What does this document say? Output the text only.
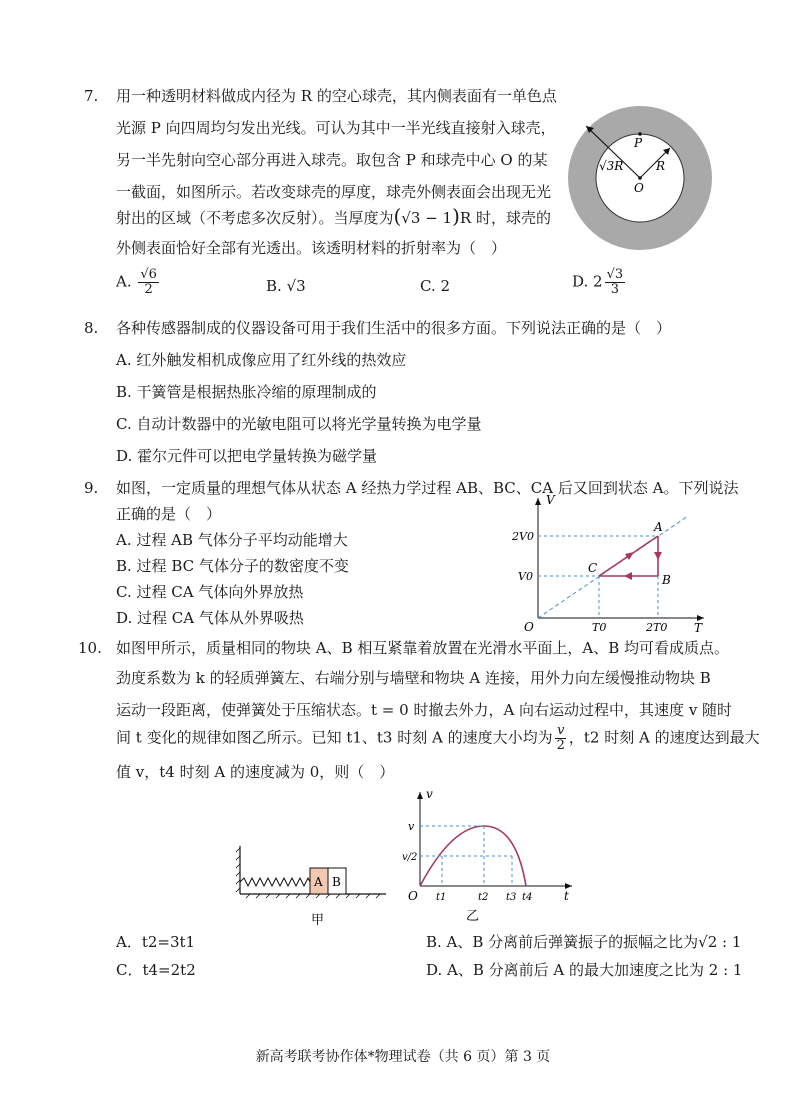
7. 用一种透明材料做成内径为 R 的空心球壳，其内侧表面有一单色点
光源 P 向四周均匀发出光线。可认为其中一半光线直接射入球壳，
另一半先射向空心部分再进入球壳。取包含 P 和球壳中心 O 的某
一截面，如图所示。若改变球壳的厚度，球壳外侧表面会出现无光
射出的区域（不考虑多次反射）。当厚度为(√3 − 1)R 时，球壳的
外侧表面恰好全部有光透出。该透明材料的折射率为（　）
A. $\frac{√6}{2}$	B. √3	C. 2	D. $2 \frac{√3}{3}$
P
O
R
√3R
8. 各种传感器制成的仪器设备可用于我们生活中的很多方面。下列说法正确的是（　）
A. 红外触发相机成像应用了红外线的热效应
B. 干簧管是根据热胀冷缩的原理制成的
C. 自动计数器中的光敏电阻可以将光学量转换为电学量
D. 霍尔元件可以把电学量转换为磁学量
9. 如图，一定质量的理想气体从状态 A 经热力学过程 AB、BC、CA 后又回到状态 A。下列说法
正确的是（　）
A. 过程 AB 气体分子平均动能增大
B. 过程 BC 气体分子的数密度不变
C. 过程 CA 气体向外界放热
D. 过程 CA 气体从外界吸热
V
T
O
2V0
V0
T0	2T0
A
B
C
10. 如图甲所示，质量相同的物块 A、B 相互紧靠着放置在光滑水平面上，A、B 均可看成质点。
劲度系数为 k 的轻质弹簧左、右端分别与墙壁和物块 A 连接，用外力向左缓慢推动物块 B
运动一段距离，使弹簧处于压缩状态。t = 0 时撤去外力，A 向右运动过程中，其速度 v 随时
间 t 变化的规律如图乙所示。已知 t1、t3 时刻 A 的速度大小均为 $\frac{v}{2}$ ，t2 时刻 A 的速度达到最大
值 v，t4 时刻 A 的速度减为 0，则（　）
A B
甲
v
t
O
v
v/2
t1	t2 t3 t4
乙
A．t2=3t1	B. A、B 分离前后弹簧振子的振幅之比为√2 : 1
C．t4=2t2	D. A、B 分离前后 A 的最大加速度之比为 2 : 1
新高考联考协作体*物理试卷（共 6 页）第 3 页
